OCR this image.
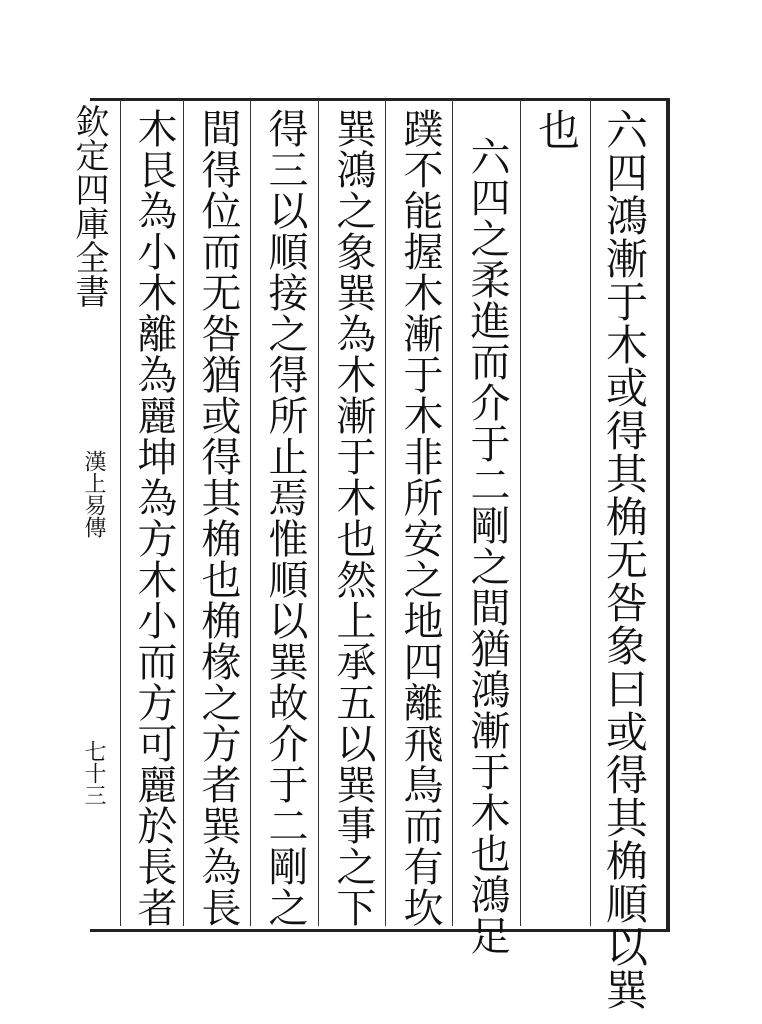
六四鴻漸于木或得其桷无咎象曰或得其桷順以巽
也
六四之柔進而介于二剛之間猶鴻漸于木也鴻足
蹼不能握木漸于木非所安之地四離飛鳥而有坎
巽鴻之象巽為木漸于木也然上承五以巽事之下
得三以順接之得所止焉惟順以巽故介于二剛之
間得位而无咎猶或得其桷也桷椽之方者巽為長
木艮為小木離為麗坤為方木小而方可麗於長者
欽定四庫全書
漢上易傳
七十三
